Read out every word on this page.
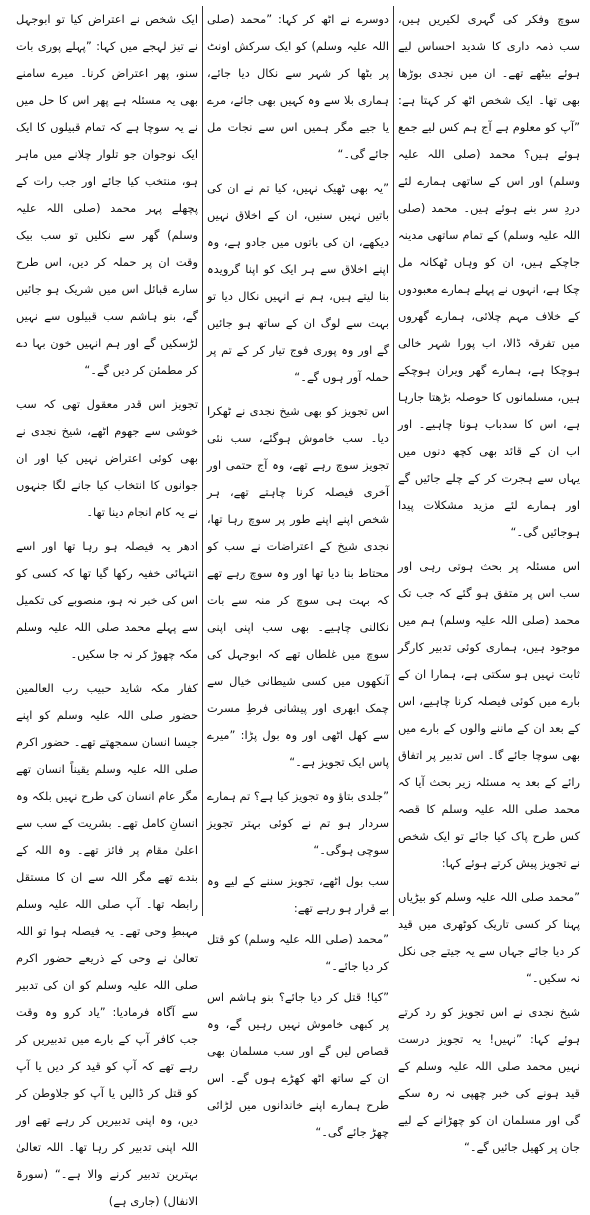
سوچ وفکر کی گہری لکیریں ہیں، سب ذمہ داری کا شدید احساس لیے ہوئے بیٹھے تھے۔ ان میں نجدی بوڑھا بھی تھا۔ ایک شخص اٹھ کر کہتا ہے: ”آپ کو معلوم ہے آج ہم کس لیے جمع ہوئے ہیں؟ محمد (صلی اللہ علیہ وسلم) اور اس کے ساتھی ہمارے لئے دردِ سر بنے ہوئے ہیں۔ محمد (صلی اللہ علیہ وسلم) کے تمام ساتھی مدینہ جاچکے ہیں، ان کو وہاں ٹھکانہ مل چکا ہے، انہوں نے پہلے ہمارے معبودوں کے خلاف مہم چلائی، ہمارے گھروں میں تفرقہ ڈالا، اب پورا شہر خالی ہوچکا ہے، ہمارے گھر ویران ہوچکے ہیں، مسلمانوں کا حوصلہ بڑھتا جارہا ہے، اس کا سدباب ہونا چاہیے۔ اور اب ان کے قائد بھی کچھ دنوں میں یہاں سے ہجرت کر کے چلے جائیں گے اور ہمارے لئے مزید مشکلات پیدا ہوجائیں گی۔“

اس مسئلہ پر بحث ہوتی رہی اور سب اس پر متفق ہو گئے کہ جب تک محمد (صلی اللہ علیہ وسلم) ہم میں موجود ہیں، ہماری کوئی تدبیر کارگر ثابت نہیں ہو سکتی ہے، ہمارا ان کے بارے میں کوئی فیصلہ کرنا چاہیے، اس کے بعد ان کے ماننے والوں کے بارے میں بھی سوچا جائے گا۔ اس تدبیر پر اتفاق رائے کے بعد یہ مسئلہ زیر بحث آیا کہ محمد صلی اللہ علیہ وسلم کا قصہ کس طرح پاک کیا جائے تو ایک شخص نے تجویز پیش کرتے ہوئے کہا:

”محمد صلی اللہ علیہ وسلم کو بیڑیاں پہنا کر کسی تاریک کوٹھری میں قید کر دیا جائے جہاں سے یہ جیتے جی نکل نہ سکیں۔“

شیخ نجدی نے اس تجویز کو رد کرتے ہوئے کہا: ”نہیں! یہ تجویز درست نہیں محمد صلی اللہ علیہ وسلم کے قید ہونے کی خبر چھپی نہ رہ سکے گی اور مسلمان ان کو چھڑانے کے لیے جان پر کھیل جائیں گے۔“

دوسرے نے اٹھ کر کہا: ”محمد (صلی اللہ علیہ وسلم) کو ایک سرکش اونٹ پر بٹھا کر شہر سے نکال دیا جائے، ہماری بلا سے وہ کہیں بھی جائے، مرے یا جیے مگر ہمیں اس سے نجات مل جائے گی۔“

”یہ بھی ٹھیک نہیں، کیا تم نے ان کی باتیں نہیں سنیں، ان کے اخلاق نہیں دیکھے، ان کی باتوں میں جادو ہے، وہ اپنے اخلاق سے ہر ایک کو اپنا گرویدہ بنا لیتے ہیں، ہم نے انہیں نکال دیا تو بہت سے لوگ ان کے ساتھ ہو جائیں گے اور وہ پوری فوج تیار کر کے تم پر حملہ آور ہوں گے۔“

اس تجویز کو بھی شیخ نجدی نے ٹھکرا دیا۔ سب خاموش ہوگئے، سب نئی تجویز سوچ رہے تھے، وہ آج حتمی اور آخری فیصلہ کرنا چاہتے تھے، ہر شخص اپنے اپنے طور پر سوچ رہا تھا، نجدی شیخ کے اعتراضات نے سب کو محتاط بنا دیا تھا اور وہ سوچ رہے تھے کہ بہت ہی سوچ کر منہ سے بات نکالنی چاہیے۔ بھی سب اپنی اپنی سوچ میں غلطاں تھے کہ ابوجہل کی آنکھوں میں کسی شیطانی خیال سے چمک ابھری اور پیشانی فرطِ مسرت سے کھل اٹھی اور وہ بول پڑا: ”میرے پاس ایک تجویز ہے۔“

”جلدی بتاؤ وہ تجویز کیا ہے؟ تم ہمارے سردار ہو تم نے کوئی بہتر تجویز سوچی ہوگی۔“

سب بول اٹھے، تجویز سننے کے لیے وہ بے قرار ہو رہے تھے:

”محمد (صلی اللہ علیہ وسلم) کو قتل کر دیا جائے۔“

”کیا! قتل کر دیا جائے؟ بنو ہاشم اس پر کبھی خاموش نہیں رہیں گے، وہ قصاص لیں گے اور سب مسلمان بھی ان کے ساتھ اٹھ کھڑے ہوں گے۔ اس طرح ہمارے اپنے خاندانوں میں لڑائی چھڑ جائے گی۔“

ایک شخص نے اعتراض کیا تو ابوجہل نے تیز لہجے میں کہا: ”پہلے پوری بات سنو، پھر اعتراض کرنا۔ میرے سامنے بھی یہ مسئلہ ہے پھر اس کا حل میں نے یہ سوچا ہے کہ تمام قبیلوں کا ایک ایک نوجوان جو تلوار چلانے میں ماہر ہو، منتخب کیا جائے اور جب رات کے پچھلے پہر محمد (صلی اللہ علیہ وسلم) گھر سے نکلیں تو سب بیک وقت ان پر حملہ کر دیں، اس طرح سارے قبائل اس میں شریک ہو جائیں گے، بنو ہاشم سب قبیلوں سے نہیں لڑسکیں گے اور ہم انہیں خون بہا دے کر مطمئن کر دیں گے۔“

تجویز اس قدر معقول تھی کہ سب خوشی سے جھوم اٹھے، شیخ نجدی نے بھی کوئی اعتراض نہیں کیا اور ان جوانوں کا انتخاب کیا جانے لگا جنہوں نے یہ کام انجام دینا تھا۔

ادھر یہ فیصلہ ہو رہا تھا اور اسے انتہائی خفیہ رکھا گیا تھا کہ کسی کو اس کی خبر نہ ہو، منصوبے کی تکمیل سے پہلے محمد صلی اللہ علیہ وسلم مکہ چھوڑ کر نہ جا سکیں۔

کفار مکہ شاید حبیب رب العالمین حضور صلی اللہ علیہ وسلم کو اپنے جیسا انسان سمجھتے تھے۔ حضور اکرم صلی اللہ علیہ وسلم یقیناً انسان تھے مگر عام انسان کی طرح نہیں بلکہ وہ انسانِ کامل تھے۔ بشریت کے سب سے اعلیٰ مقام پر فائز تھے۔ وہ اللہ کے بندے تھے مگر اللہ سے ان کا مستقل رابطہ تھا۔ آپ صلی اللہ علیہ وسلم مہبطِ وحی تھے۔ یہ فیصلہ ہوا تو اللہ تعالیٰ نے وحی کے ذریعے حضور اکرم صلی اللہ علیہ وسلم کو ان کی تدبیر سے آگاہ فرمادیا: ”یاد کرو وہ وقت جب کافر آپ کے بارے میں تدبیریں کر رہے تھے کہ آپ کو قید کر دیں یا آپ کو قتل کر ڈالیں یا آپ کو جلاوطن کر دیں، وہ اپنی تدبیریں کر رہے تھے اور اللہ اپنی تدبیر کر رہا تھا۔ اللہ تعالیٰ بہترین تدبیر کرنے والا ہے۔“ (سورۃ الانفال) (جاری ہے)
